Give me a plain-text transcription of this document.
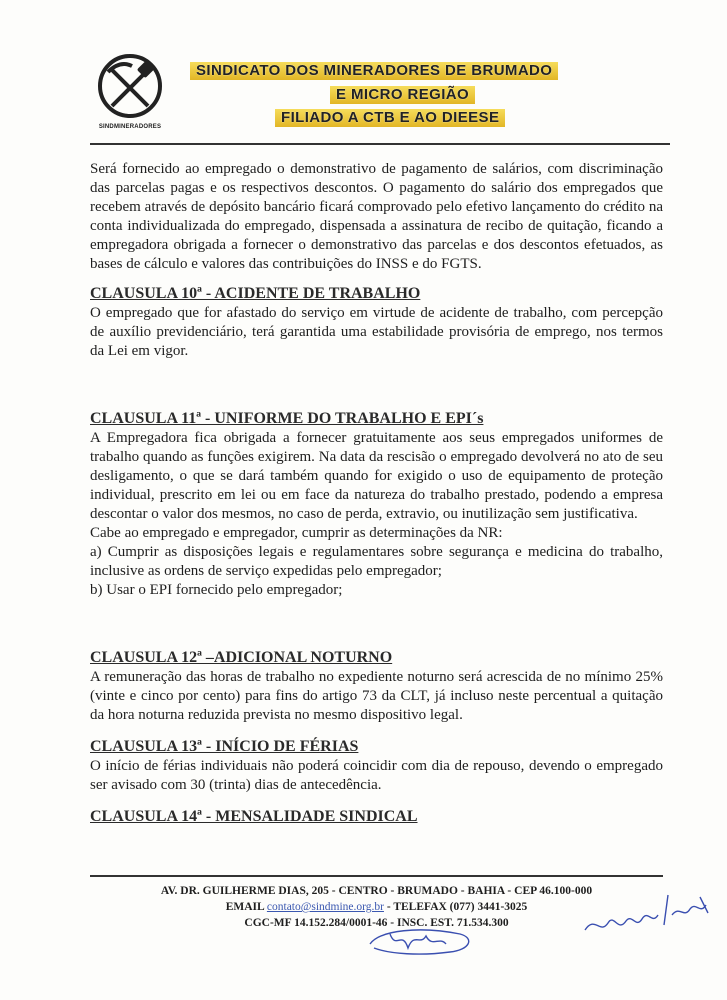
SINDMINERADORES
SINDICATO DOS MINERADORES DE BRUMADO
E MICRO REGIÃO
FILIADO A CTB E AO DIEESE

Será fornecido ao empregado o demonstrativo de pagamento de salários, com discriminação das parcelas pagas e os respectivos descontos. O pagamento do salário dos empregados que recebem através de depósito bancário ficará comprovado pelo efetivo lançamento do crédito na conta individualizada do empregado, dispensada a assinatura de recibo de quitação, ficando a empregadora obrigada a fornecer o demonstrativo das parcelas e dos descontos efetuados, as bases de cálculo e valores das contribuições do INSS e do FGTS.

CLAUSULA 10ª - ACIDENTE DE TRABALHO

O empregado que for afastado do serviço em virtude de acidente de trabalho, com percepção de auxílio previdenciário, terá garantida uma estabilidade provisória de emprego, nos termos da Lei em vigor.

CLAUSULA 11ª - UNIFORME DO TRABALHO E EPI´s

A Empregadora fica obrigada a fornecer gratuitamente aos seus empregados uniformes de trabalho quando as funções exigirem. Na data da rescisão o empregado devolverá no ato de seu desligamento, o que se dará também quando for exigido o uso de equipamento de proteção individual, prescrito em lei ou em face da natureza do trabalho prestado, podendo a empresa descontar o valor dos mesmos, no caso de perda, extravio, ou inutilização sem justificativa.

Cabe ao empregado e empregador, cumprir as determinações da NR:

a) Cumprir as disposições legais e regulamentares sobre segurança e medicina do trabalho, inclusive as ordens de serviço expedidas pelo empregador;

b) Usar o EPI fornecido pelo empregador;

CLAUSULA 12ª –ADICIONAL NOTURNO

A remuneração das horas de trabalho no expediente noturno será acrescida de no mínimo 25% (vinte e cinco por cento) para fins do artigo 73 da CLT, já incluso neste percentual a quitação da hora noturna reduzida prevista no mesmo dispositivo legal.

CLAUSULA 13ª - INÍCIO DE FÉRIAS

O início de férias individuais não poderá coincidir com dia de repouso, devendo o empregado ser avisado com 30 (trinta) dias de antecedência.

CLAUSULA 14ª - MENSALIDADE SINDICAL
AV. DR. GUILHERME DIAS, 205 - CENTRO - BRUMADO - BAHIA - CEP 46.100-000
EMAIL contato@sindmine.org.br - TELEFAX (077) 3441-3025
CGC-MF 14.152.284/0001-46 - INSC. EST. 71.534.300
